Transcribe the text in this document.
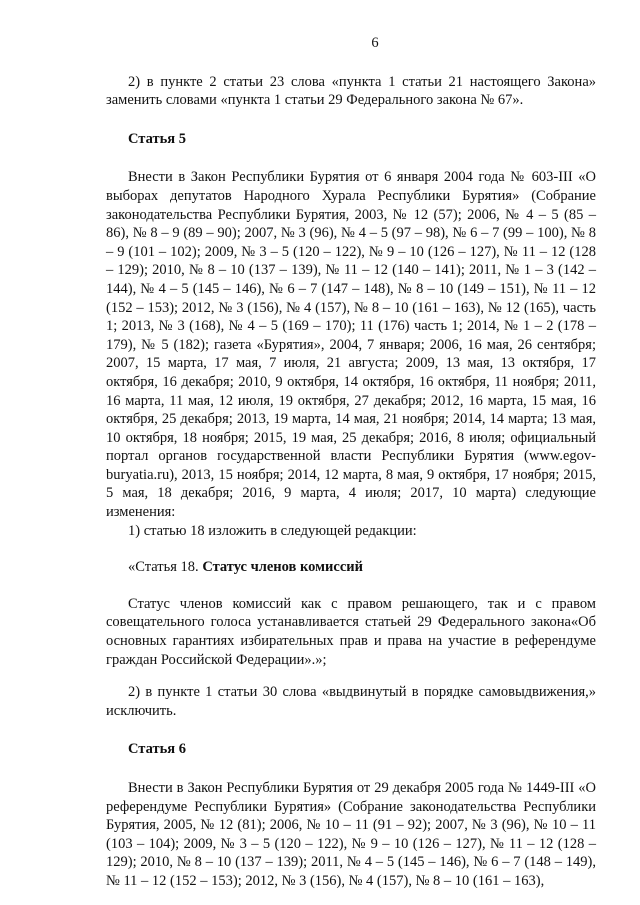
6

2) в пункте 2 статьи 23 слова «пункта 1 статьи 21 настоящего Закона» заменить словами «пункта 1 статьи 29 Федерального закона № 67».

Статья 5

Внести в Закон Республики Бурятия от 6 января 2004 года № 603-III «О выборах депутатов Народного Хурала Республики Бурятия» (Собрание законодательства Республики Бурятия, 2003, № 12 (57); 2006, № 4 – 5 (85 – 86), № 8 – 9 (89 – 90); 2007, № 3 (96), № 4 – 5 (97 – 98), № 6 – 7 (99 – 100), № 8 – 9 (101 – 102); 2009, № 3 – 5 (120 – 122), № 9 – 10 (126 – 127), № 11 – 12 (128 – 129); 2010, № 8 – 10 (137 – 139), № 11 – 12 (140 – 141); 2011, № 1 – 3 (142 – 144), № 4 – 5 (145 – 146), № 6 – 7 (147 – 148), № 8 – 10 (149 – 151), № 11 – 12 (152 – 153); 2012, № 3 (156), № 4 (157), № 8 – 10 (161 – 163), № 12 (165), часть 1; 2013, № 3 (168), № 4 – 5 (169 – 170); 11 (176) часть 1; 2014, № 1 – 2 (178 – 179), № 5 (182); газета «Бурятия», 2004, 7 января; 2006, 16 мая, 26 сентября; 2007, 15 марта, 17 мая, 7 июля, 21 августа; 2009, 13 мая, 13 октября, 17 октября, 16 декабря; 2010, 9 октября, 14 октября, 16 октября, 11 ноября; 2011, 16 марта, 11 мая, 12 июля, 19 октября, 27 декабря; 2012, 16 марта, 15 мая, 16 октября, 25 декабря; 2013, 19 марта, 14 мая, 21 ноября; 2014, 14 марта; 13 мая, 10 октября, 18 ноября; 2015, 19 мая, 25 декабря; 2016, 8 июля; официальный портал органов государственной власти Республики Бурятия (www.egov-buryatia.ru), 2013, 15 ноября; 2014, 12 марта, 8 мая, 9 октября, 17 ноября; 2015, 5 мая, 18 декабря; 2016, 9 марта, 4 июля; 2017, 10 марта) следующие изменения:

1) статью 18 изложить в следующей редакции:

«Статья 18. Статус членов комиссий

Статус членов комиссий как с правом решающего, так и с правом совещательного голоса устанавливается статьей 29 Федерального закона«Об основных гарантиях избирательных прав и права на участие в референдуме граждан Российской Федерации».»;

2) в пункте 1 статьи 30 слова «выдвинутый в порядке самовыдвижения,» исключить.

Статья 6

Внести в Закон Республики Бурятия от 29 декабря 2005 года № 1449-III «О референдуме Республики Бурятия» (Собрание законодательства Республики Бурятия, 2005, № 12 (81); 2006, № 10 – 11 (91 – 92); 2007, № 3 (96), № 10 – 11 (103 – 104); 2009, № 3 – 5 (120 – 122), № 9 – 10 (126 – 127), № 11 – 12 (128 – 129); 2010, № 8 – 10 (137 – 139); 2011, № 4 – 5 (145 – 146), № 6 – 7 (148 – 149), № 11 – 12 (152 – 153); 2012, № 3 (156), № 4 (157), № 8 – 10 (161 – 163),
